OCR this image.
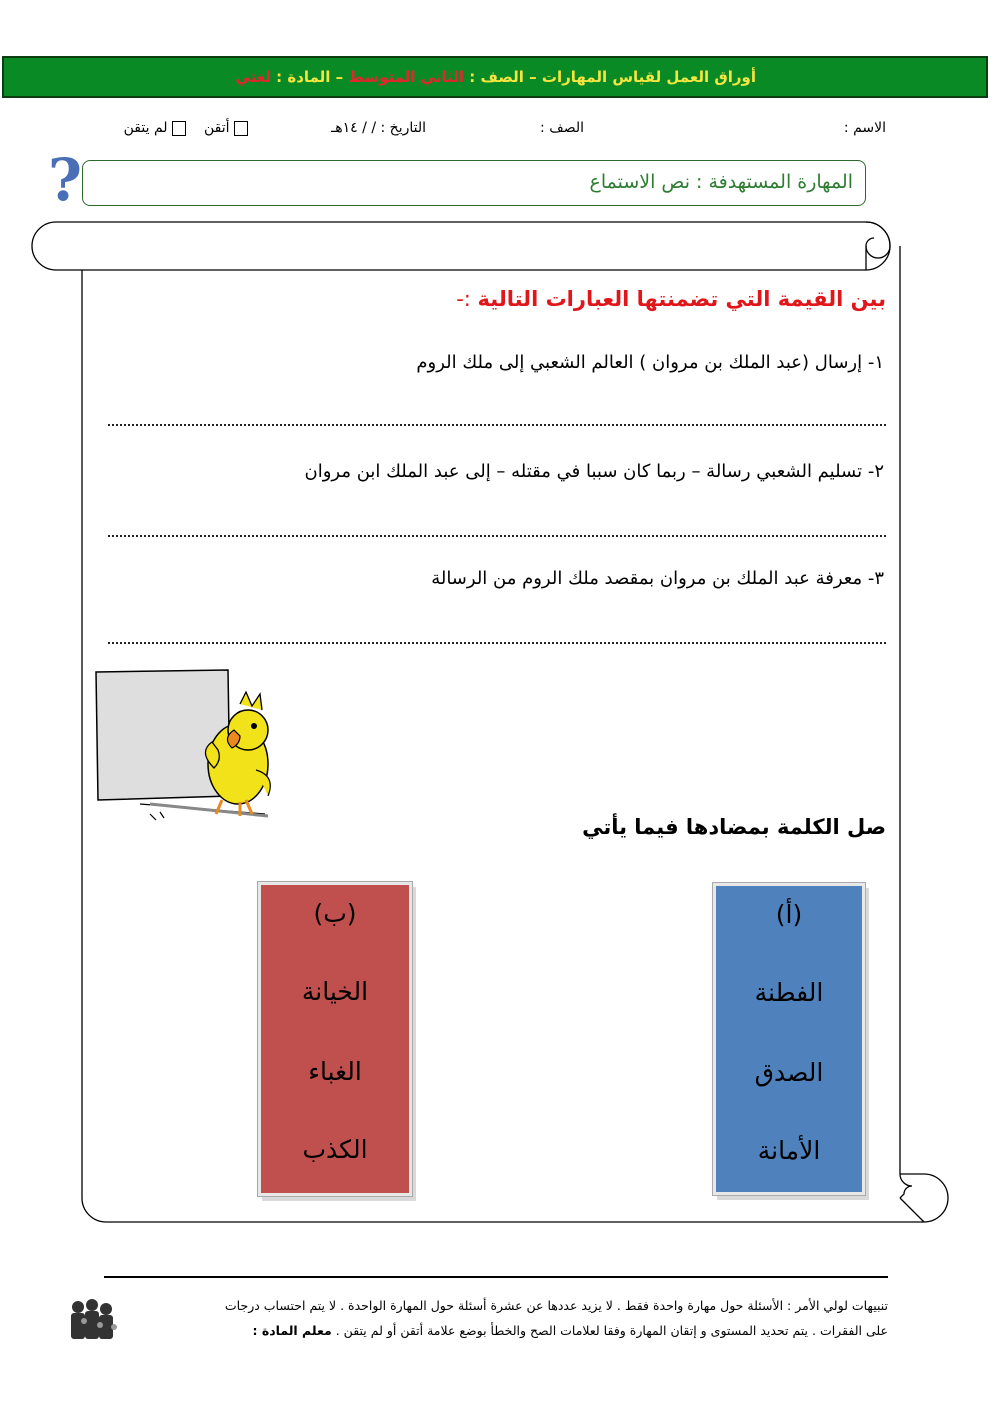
أوراق العمل لقياس المهارات – الصف : الثاني المتوسط – المادة : لغتي
الاسم :
الصف :
التاريخ : / / ١٤هـ
أتقن
لم يتقن
?	المهارة المستهدفة : نص الاستماع
بين القيمة التي تضمنتها العبارات التالية :-
١- إرسال (عبد الملك بن مروان ) العالم الشعبي إلى ملك الروم
٢- تسليم الشعبي رسالة – ربما كان سببا في مقتله – إلى عبد الملك ابن مروان
٣- معرفة عبد الملك بن مروان بمقصد ملك الروم من الرسالة
صل الكلمة بمضادها فيما يأتي
(ب)
الخيانة
الغباء
الكذب
(أ)
الفطنة
الصدق
الأمانة
تنبيهات لولي الأمر : الأسئلة حول مهارة واحدة فقط . لا يزيد عددها عن عشرة أسئلة حول المهارة الواحدة . لا يتم احتساب درجات
على الفقرات . يتم تحديد المستوى و إتقان المهارة وفقا لعلامات الصح والخطأ بوضع علامة أتقن أو لم يتقن . معلم المادة :
